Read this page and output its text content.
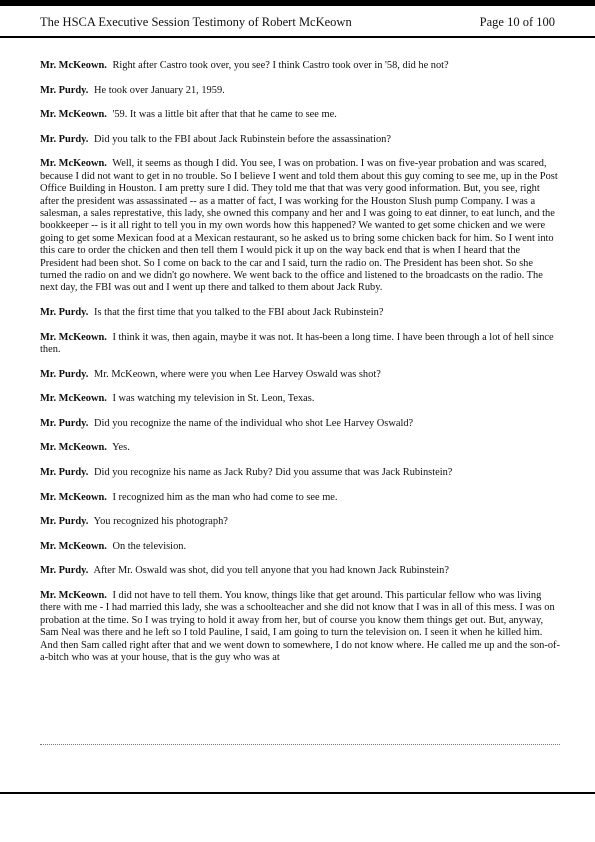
The HSCA Executive Session Testimony of Robert McKeown	Page 10 of 100

Mr. McKeown. Right after Castro took over, you see? I think Castro took over in '58, did he not?

Mr. Purdy. He took over January 21, 1959.

Mr. McKeown. '59. It was a little bit after that that he came to see me.

Mr. Purdy. Did you talk to the FBI about Jack Rubinstein before the assassination?

Mr. McKeown. Well, it seems as though I did. You see, I was on probation. I was on five-year probation and was scared, because I did not want to get in no trouble. So I believe I went and told them about this guy coming to see me, up in the Post Office Building in Houston. I am pretty sure I did. They told me that that was very good information. But, you see, right after the president was assassinated -- as a matter of fact, I was working for the Houston Slush pump Company. I was a salesman, a sales represtative, this lady, she owned this company and her and I was going to eat dinner, to eat lunch, and the bookkeeper -- is it all right to tell you in my own words how this happened? We wanted to get some chicken and we were going to get some Mexican food at a Mexican restaurant, so he asked us to bring some chicken back for him. So I went into this care to order the chicken and then tell them I would pick it up on the way back end that is when I heard that the President had been shot. So I come on back to the car and I said, turn the radio on. The President has been shot. So she turned the radio on and we didn't go nowhere. We went back to the office and listened to the broadcasts on the radio. The next day, the FBI was out and I went up there and talked to them about Jack Ruby.

Mr. Purdy. Is that the first time that you talked to the FBI about Jack Rubinstein?

Mr. McKeown. I think it was, then again, maybe it was not. It has-been a long time. I have been through a lot of hell since then.

Mr. Purdy. Mr. McKeown, where were you when Lee Harvey Oswald was shot?

Mr. McKeown. I was watching my television in St. Leon, Texas.

Mr. Purdy. Did you recognize the name of the individual who shot Lee Harvey Oswald?

Mr. McKeown. Yes.

Mr. Purdy. Did you recognize his name as Jack Ruby? Did you assume that was Jack Rubinstein?

Mr. McKeown. I recognized him as the man who had come to see me.

Mr. Purdy. You recognized his photograph?

Mr. McKeown. On the television.

Mr. Purdy. After Mr. Oswald was shot, did you tell anyone that you had known Jack Rubinstein?

Mr. McKeown. I did not have to tell them. You know, things like that get around. This particular fellow who was living there with me - I had married this lady, she was a schoolteacher and she did not know that I was in all of this mess. I was on probation at the time. So I was trying to hold it away from her, but of course you know them things get out. But, anyway, Sam Neal was there and he left so I told Pauline, I said, I am going to turn the television on. I seen it when he killed him. And then Sam called right after that and we went down to somewhere, I do not know where. He called me up and the son-of-a-bitch who was at your house, that is the guy who was at
